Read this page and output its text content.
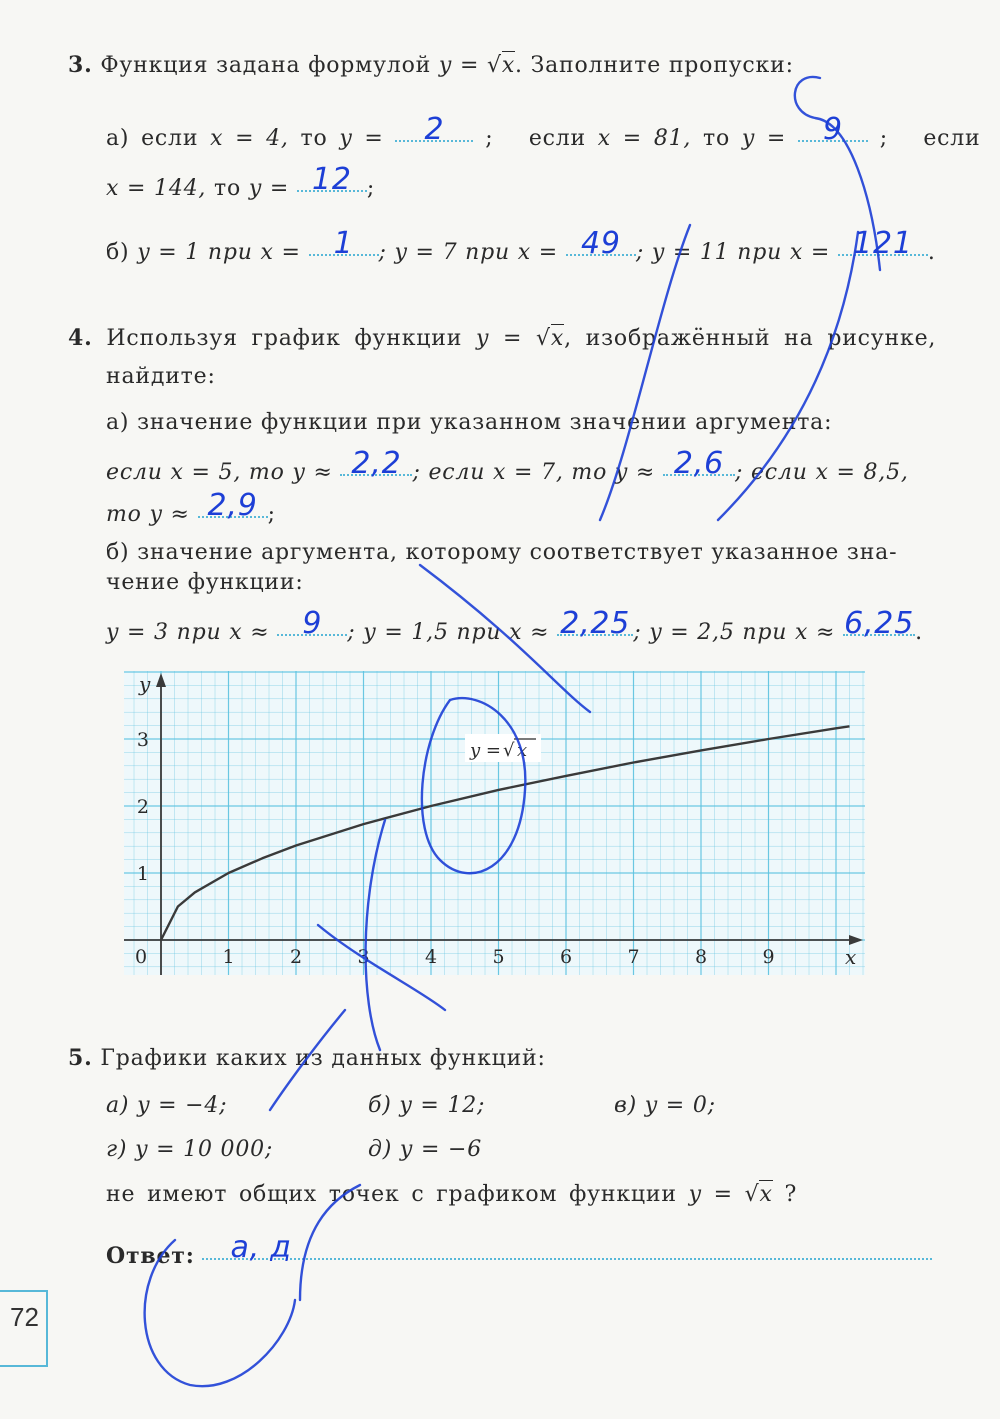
3. Функция задана формулой y = √x. Заполните пропуски:
а) если x = 4, то y = 2 ; если x = 81, то y = 9 ; если
x = 144, то y = 12 ;
б) y = 1 при x = 1 ; y = 7 при x = 49 ; y = 11 при x = 121 .
4. Используя график функции y = √x, изображённый на рисунке,
найдите:
а) значение функции при указанном значении аргумента:
если x = 5, то y ≈ 2,2 ; если x = 7, то y ≈ 2,6 ; если x = 8,5,
то y ≈ 2,9 ;
б) значение аргумента, которому соответствует указанное зна-
чение функции:
y = 3 при x ≈ 9 ; y = 1,5 при x ≈ 2,25 ; y = 2,5 при x ≈ 6,25.
x
y
0	1	2	3	4	5	6	7	8	9
1
2
3	y = √ x
5. Графики каких из данных функций:
а) y = −4;	б) y = 12;	в) y = 0;
г) y = 10 000;	д) y = −6
не имеют общих точек с графиком функции y = √x ?
Ответ: а, д
72
